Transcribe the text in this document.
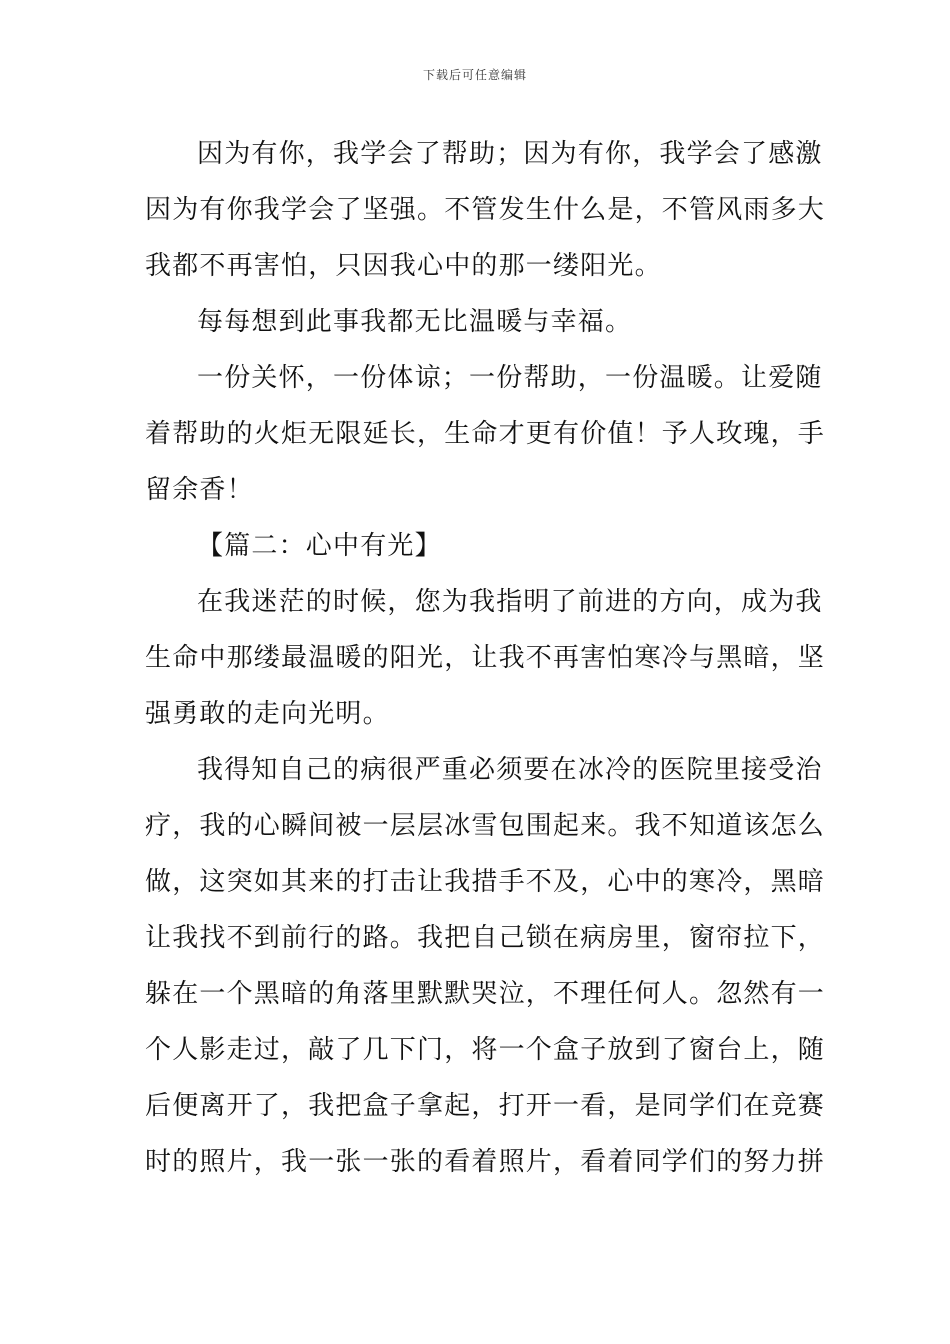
下载后可任意编辑

因为有你，我学会了帮助；因为有你，我学会了感激
因为有你我学会了坚强。不管发生什么是，不管风雨多大
我都不再害怕，只因我心中的那一缕阳光。

每每想到此事我都无比温暖与幸福。

一份关怀，一份体谅；一份帮助，一份温暖。让爱随
着帮助的火炬无限延长，生命才更有价值！予人玫瑰，手
留余香！

【篇二：心中有光】

在我迷茫的时候，您为我指明了前进的方向，成为我
生命中那缕最温暖的阳光，让我不再害怕寒冷与黑暗，坚
强勇敢的走向光明。

我得知自己的病很严重必须要在冰冷的医院里接受治
疗，我的心瞬间被一层层冰雪包围起来。我不知道该怎么
做，这突如其来的打击让我措手不及，心中的寒冷，黑暗
让我找不到前行的路。我把自己锁在病房里，窗帘拉下，
躲在一个黑暗的角落里默默哭泣，不理任何人。忽然有一
个人影走过，敲了几下门，将一个盒子放到了窗台上，随
后便离开了，我把盒子拿起，打开一看，是同学们在竞赛
时的照片，我一张一张的看着照片，看着同学们的努力拼
